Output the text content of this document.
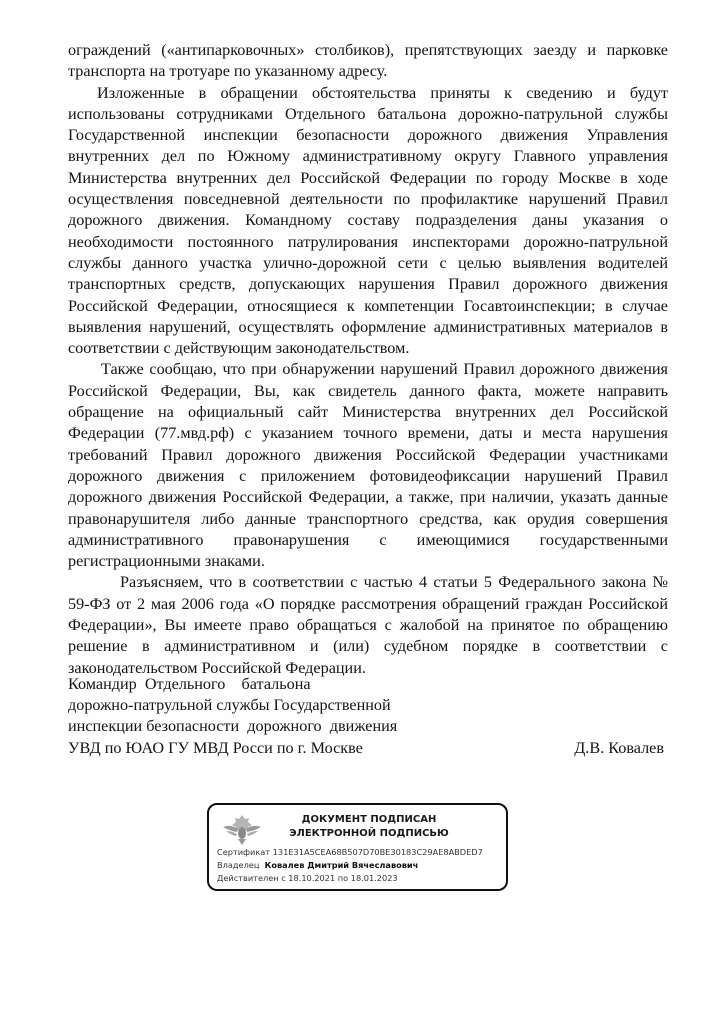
ограждений («антипарковочных» столбиков), препятствующих заезду и парковке транспорта на тротуаре по указанному адресу.

Изложенные в обращении обстоятельства приняты к сведению и будут использованы сотрудниками Отдельного батальона дорожно-патрульной службы Государственной инспекции безопасности дорожного движения Управления внутренних дел по Южному административному округу Главного управления Министерства внутренних дел Российской Федерации по городу Москве в ходе осуществления повседневной деятельности по профилактике нарушений Правил дорожного движения. Командному составу подразделения даны указания о необходимости постоянного патрулирования инспекторами дорожно-патрульной службы данного участка улично-дорожной сети с целью выявления водителей транспортных средств, допускающих нарушения Правил дорожного движения Российской Федерации, относящиеся к компетенции Госавтоинспекции; в случае выявления нарушений, осуществлять оформление административных материалов в соответствии с действующим законодательством.

Также сообщаю, что при обнаружении нарушений Правил дорожного движения Российской Федерации, Вы, как свидетель данного факта, можете направить обращение на официальный сайт Министерства внутренних дел Российской Федерации (77.мвд.рф) с указанием точного времени, даты и места нарушения требований Правил дорожного движения Российской Федерации участниками дорожного движения с приложением фотовидеофиксации нарушений Правил дорожного движения Российской Федерации, а также, при наличии, указать данные правонарушителя либо данные транспортного средства, как орудия совершения административного правонарушения с имеющимися государственными регистрационными знаками.

Разъясняем, что в соответствии с частью 4 статьи 5 Федерального закона № 59-ФЗ от 2 мая 2006 года «О порядке рассмотрения обращений граждан Российской Федерации», Вы имеете право обращаться с жалобой на принятое по обращению решение в административном и (или) судебном порядке в соответствии с законодательством Российской Федерации.

Командир  Отдельного    батальона
дорожно-патрульной службы Государственной
инспекции безопасности  дорожного  движения
УВД по ЮАО ГУ МВД Росси по г. Москве	Д.В. Ковалев
ДОКУМЕНТ ПОДПИСАН
ЭЛЕКТРОННОЙ ПОДПИСЬЮ
Сертификат 131E31A5CEA68B507D70BE30183C29AE8ABDED7
Владелец Ковалев Дмитрий Вячеславович
Действителен с 18.10.2021 по 18.01.2023
